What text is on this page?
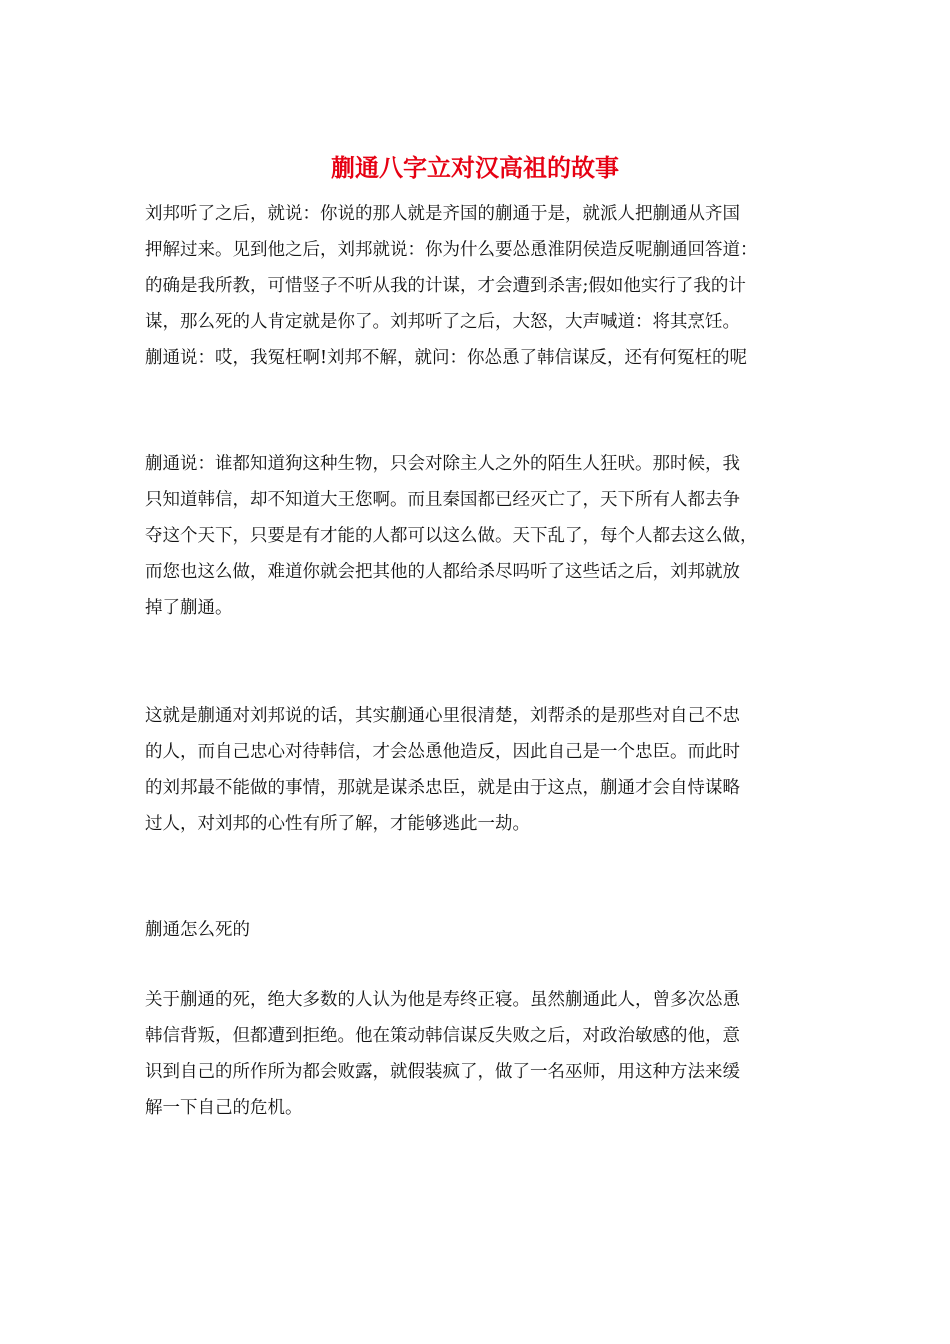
蒯通八字立对汉高祖的故事
刘邦听了之后，就说：你说的那人就是齐国的蒯通于是，就派人把蒯通从齐国
押解过来。见到他之后，刘邦就说：你为什么要怂恿淮阴侯造反呢蒯通回答道：
的确是我所教，可惜竖子不听从我的计谋，才会遭到杀害;假如他实行了我的计
谋，那么死的人肯定就是你了。刘邦听了之后，大怒，大声喊道：将其烹饪。
蒯通说：哎，我冤枉啊!刘邦不解，就问：你怂恿了韩信谋反，还有何冤枉的呢
蒯通说：谁都知道狗这种生物，只会对除主人之外的陌生人狂吠。那时候，我
只知道韩信，却不知道大王您啊。而且秦国都已经灭亡了，天下所有人都去争
夺这个天下，只要是有才能的人都可以这么做。天下乱了，每个人都去这么做，
而您也这么做，难道你就会把其他的人都给杀尽吗听了这些话之后，刘邦就放
掉了蒯通。
这就是蒯通对刘邦说的话，其实蒯通心里很清楚，刘帮杀的是那些对自己不忠
的人，而自己忠心对待韩信，才会怂恿他造反，因此自己是一个忠臣。而此时
的刘邦最不能做的事情，那就是谋杀忠臣，就是由于这点，蒯通才会自恃谋略
过人，对刘邦的心性有所了解，才能够逃此一劫。
蒯通怎么死的
关于蒯通的死，绝大多数的人认为他是寿终正寝。虽然蒯通此人，曾多次怂恿
韩信背叛，但都遭到拒绝。他在策动韩信谋反失败之后，对政治敏感的他，意
识到自己的所作所为都会败露，就假装疯了，做了一名巫师，用这种方法来缓
解一下自己的危机。
